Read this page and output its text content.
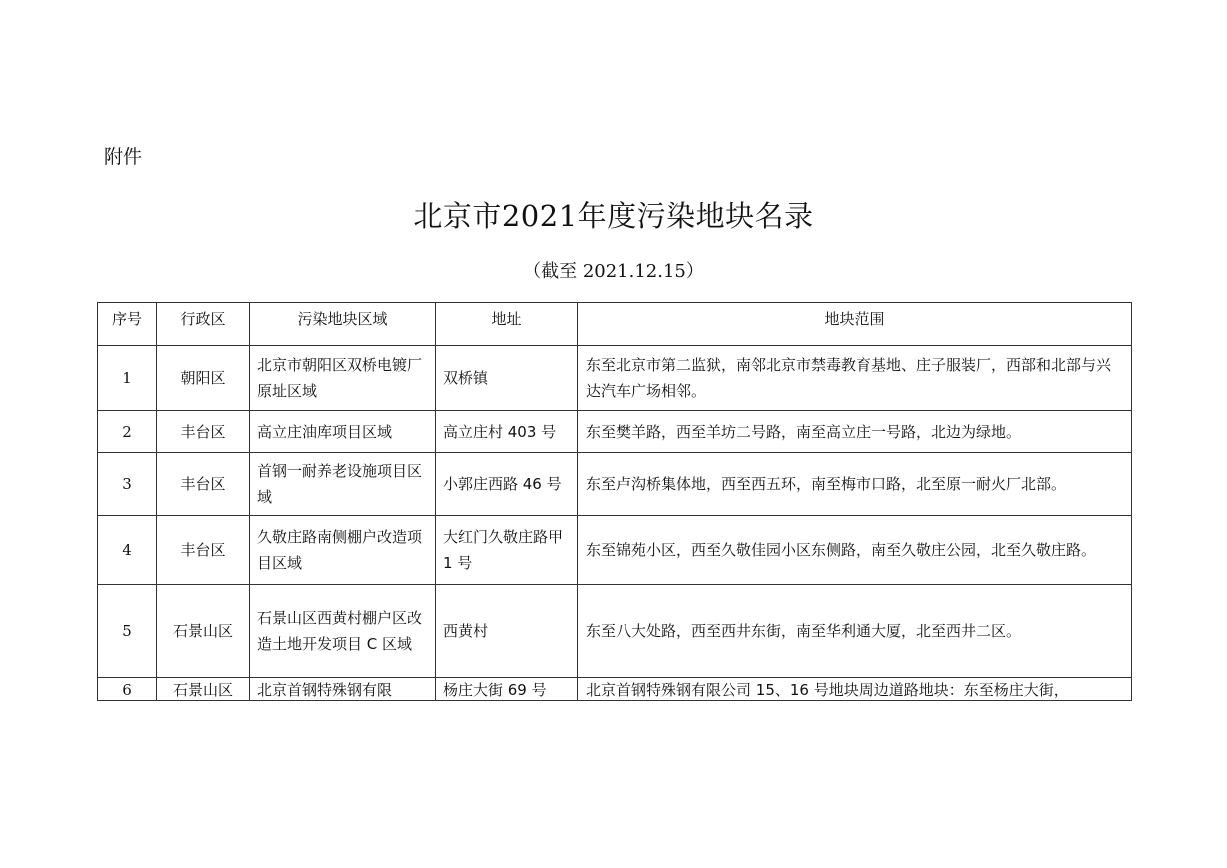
附件
北京市2021年度污染地块名录
（截至 2021.12.15）
序号	行政区	污染地块区域	地址	地块范围
1	朝阳区	北京市朝阳区双桥电镀厂原址区域	双桥镇	东至北京市第二监狱，南邻北京市禁毒教育基地、庄子服装厂，西部和北部与兴达汽车广场相邻。
2	丰台区	高立庄油库项目区域	高立庄村 403 号	东至樊羊路，西至羊坊二号路，南至高立庄一号路，北边为绿地。
3	丰台区	首钢一耐养老设施项目区域	小郭庄西路 46 号	东至卢沟桥集体地，西至西五环，南至梅市口路，北至原一耐火厂北部。
4	丰台区	久敬庄路南侧棚户改造项目区域	大红门久敬庄路甲 1 号	东至锦苑小区，西至久敬佳园小区东侧路，南至久敬庄公园，北至久敬庄路。
5	石景山区	石景山区西黄村棚户区改造土地开发项目 C 区域	西黄村	东至八大处路，西至西井东街，南至华利通大厦，北至西井二区。
6	石景山区	北京首钢特殊钢有限	杨庄大街 69 号	北京首钢特殊钢有限公司 15、16 号地块周边道路地块：东至杨庄大街，
